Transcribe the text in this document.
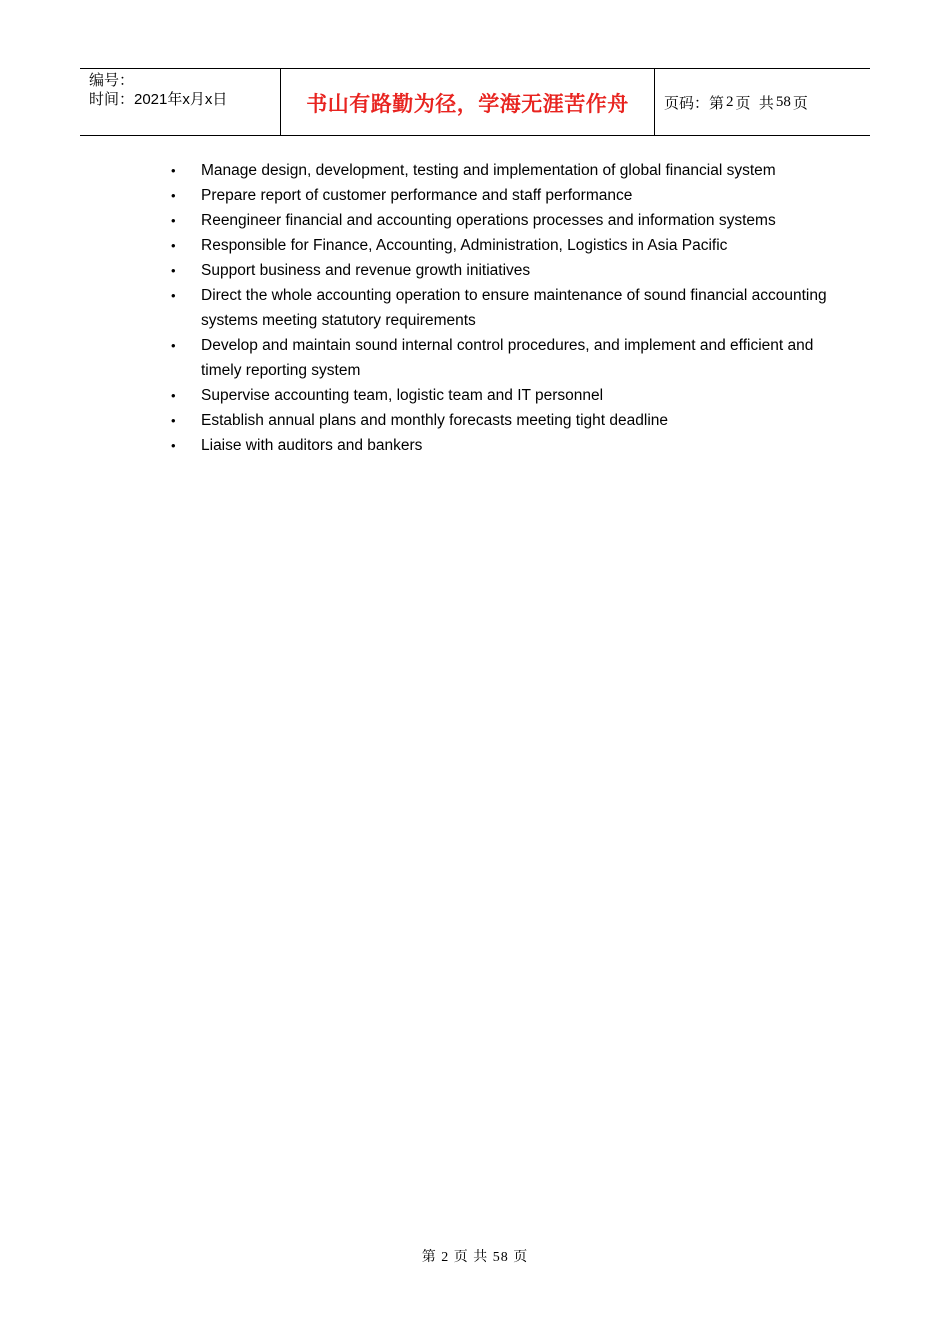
编号：
时间：2021年x月x日	书山有路勤为径，学海无涯苦作舟	页码：第 2 页  共 58 页
• Manage design, development, testing and implementation of global financial system
• Prepare report of customer performance and staff performance
• Reengineer financial and accounting operations processes and information systems
• Responsible for Finance, Accounting, Administration, Logistics in Asia Pacific
• Support business and revenue growth initiatives
• Direct the whole accounting operation to ensure maintenance of sound financial accounting systems meeting statutory requirements
• Develop and maintain sound internal control procedures, and implement and efficient and timely reporting system
• Supervise accounting team, logistic team and IT personnel
• Establish annual plans and monthly forecasts meeting tight deadline
• Liaise with auditors and bankers
第 2 页 共 58 页
